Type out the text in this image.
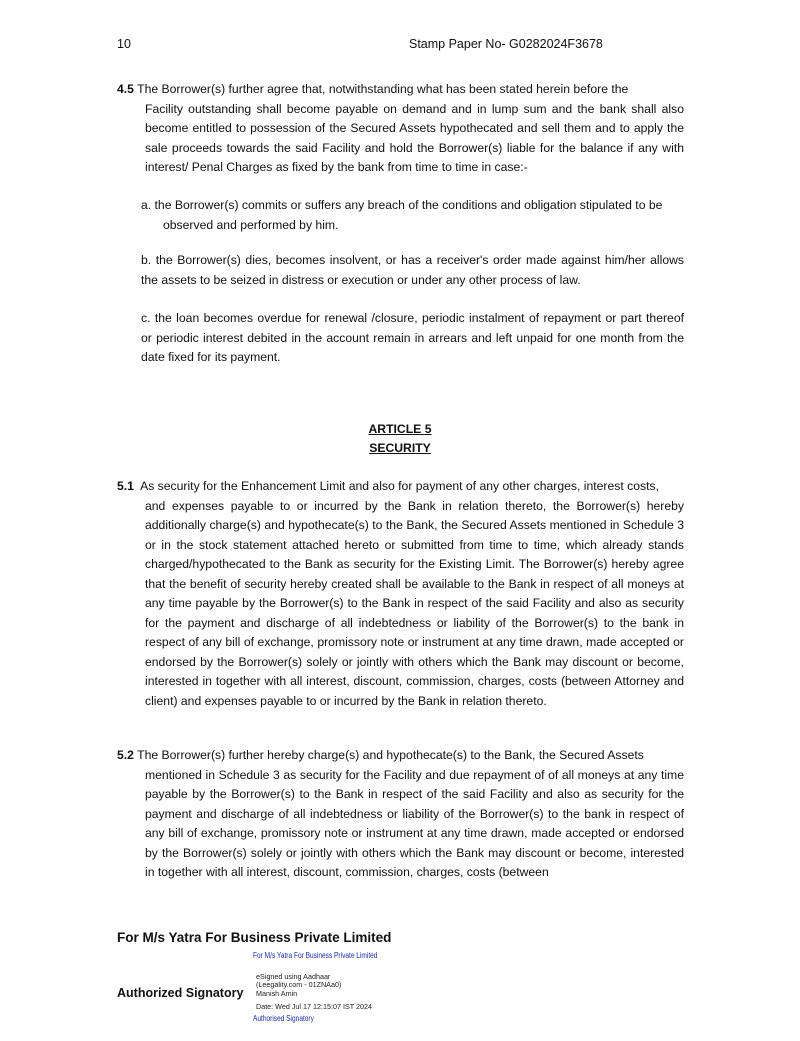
10	Stamp Paper No- G0282024F3678
4.5 The Borrower(s) further agree that, notwithstanding what has been stated herein before the
Facility outstanding shall become payable on demand and in lump sum and the bank shall also become entitled to possession of the Secured Assets hypothecated and sell them and to apply the sale proceeds towards the said Facility and hold the Borrower(s) liable for the balance if any with interest/ Penal Charges as fixed by the bank from time to time in case:-
a. the Borrower(s) commits or suffers any breach of the conditions and obligation stipulated to be
observed and performed by him.
b. the Borrower(s) dies, becomes insolvent, or has a receiver's order made against him/her allows the assets to be seized in distress or execution or under any other process of law.
c. the loan becomes overdue for renewal /closure, periodic instalment of repayment or part thereof or periodic interest debited in the account remain in arrears and left unpaid for one month from the date fixed for its payment.
ARTICLE 5
SECURITY
5.1 As security for the Enhancement Limit and also for payment of any other charges, interest costs,
and expenses payable to or incurred by the Bank in relation thereto, the Borrower(s) hereby additionally charge(s) and hypothecate(s) to the Bank, the Secured Assets mentioned in Schedule 3 or in the stock statement attached hereto or submitted from time to time, which already stands charged/hypothecated to the Bank as security for the Existing Limit. The Borrower(s) hereby agree that the benefit of security hereby created shall be available to the Bank in respect of all moneys at any time payable by the Borrower(s) to the Bank in respect of the said Facility and also as security for the payment and discharge of all indebtedness or liability of the Borrower(s) to the bank in respect of any bill of exchange, promissory note or instrument at any time drawn, made accepted or endorsed by the Borrower(s) solely or jointly with others which the Bank may discount or become, interested in together with all interest, discount, commission, charges, costs (between Attorney and client) and expenses payable to or incurred by the Bank in relation thereto.
5.2 The Borrower(s) further hereby charge(s) and hypothecate(s) to the Bank, the Secured Assets
mentioned in Schedule 3 as security for the Facility and due repayment of of all moneys at any time payable by the Borrower(s) to the Bank in respect of the said Facility and also as security for the payment and discharge of all indebtedness or liability of the Borrower(s) to the bank in respect of any bill of exchange, promissory note or instrument at any time drawn, made accepted or endorsed by the Borrower(s) solely or jointly with others which the Bank may discount or become, interested in together with all interest, discount, commission, charges, costs (between
For M/s Yatra For Business Private Limited
For M/s Yatra For Business Private Limited
Authorized Signatory
eSigned using Aadhaar
(Leegality.com - 01ZNAa0)
Manish Amin
Date: Wed Jul 17 12:15:07 IST 2024
Authorised Signatory
